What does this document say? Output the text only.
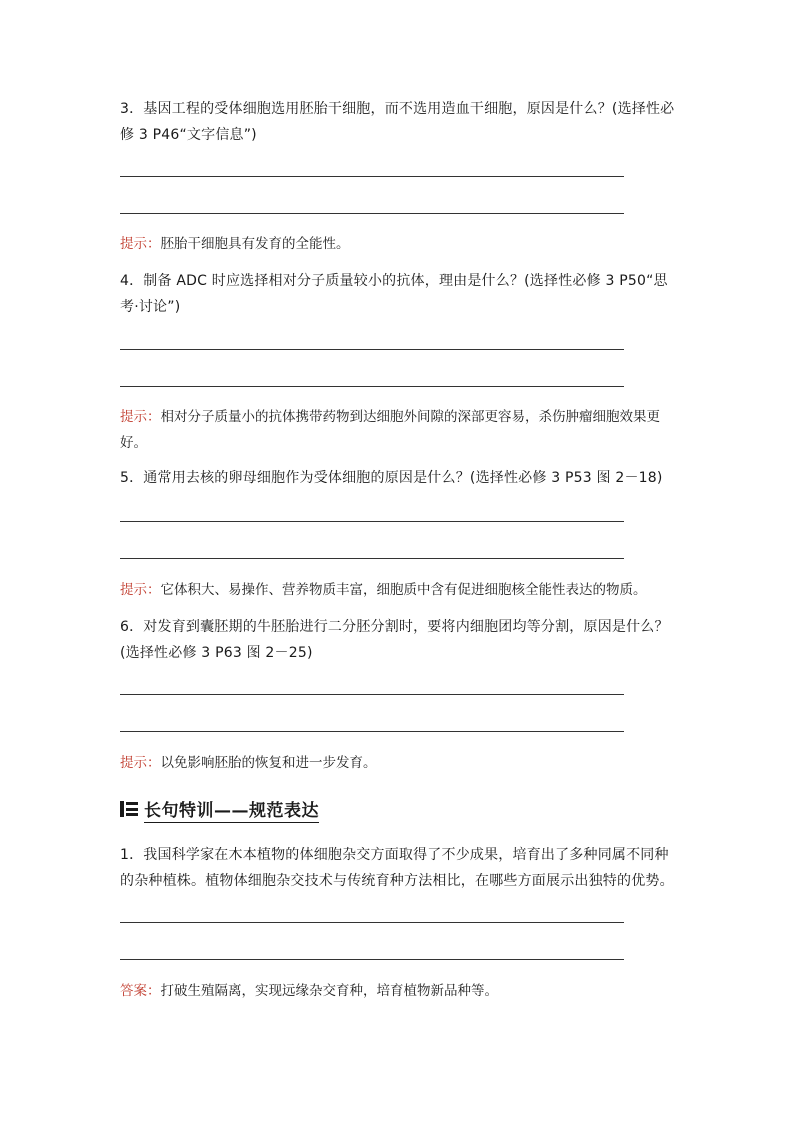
3．基因工程的受体细胞选用胚胎干细胞，而不选用造血干细胞，原因是什么？(选择性必修 3 P46“文字信息”)
提示：胚胎干细胞具有发育的全能性。
4．制备 ADC 时应选择相对分子质量较小的抗体，理由是什么？(选择性必修 3 P50“思考·讨论”)
提示：相对分子质量小的抗体携带药物到达细胞外间隙的深部更容易，杀伤肿瘤细胞效果更好。
5．通常用去核的卵母细胞作为受体细胞的原因是什么？(选择性必修 3 P53 图 2－18)
提示：它体积大、易操作、营养物质丰富，细胞质中含有促进细胞核全能性表达的物质。
6．对发育到囊胚期的牛胚胎进行二分胚分割时，要将内细胞团均等分割，原因是什么？(选择性必修 3 P63 图 2－25)
提示：以免影响胚胎的恢复和进一步发育。
长句特训——规范表达
1．我国科学家在木本植物的体细胞杂交方面取得了不少成果，培育出了多种同属不同种的杂种植株。植物体细胞杂交技术与传统育种方法相比，在哪些方面展示出独特的优势。
答案：打破生殖隔离，实现远缘杂交育种，培育植物新品种等。
